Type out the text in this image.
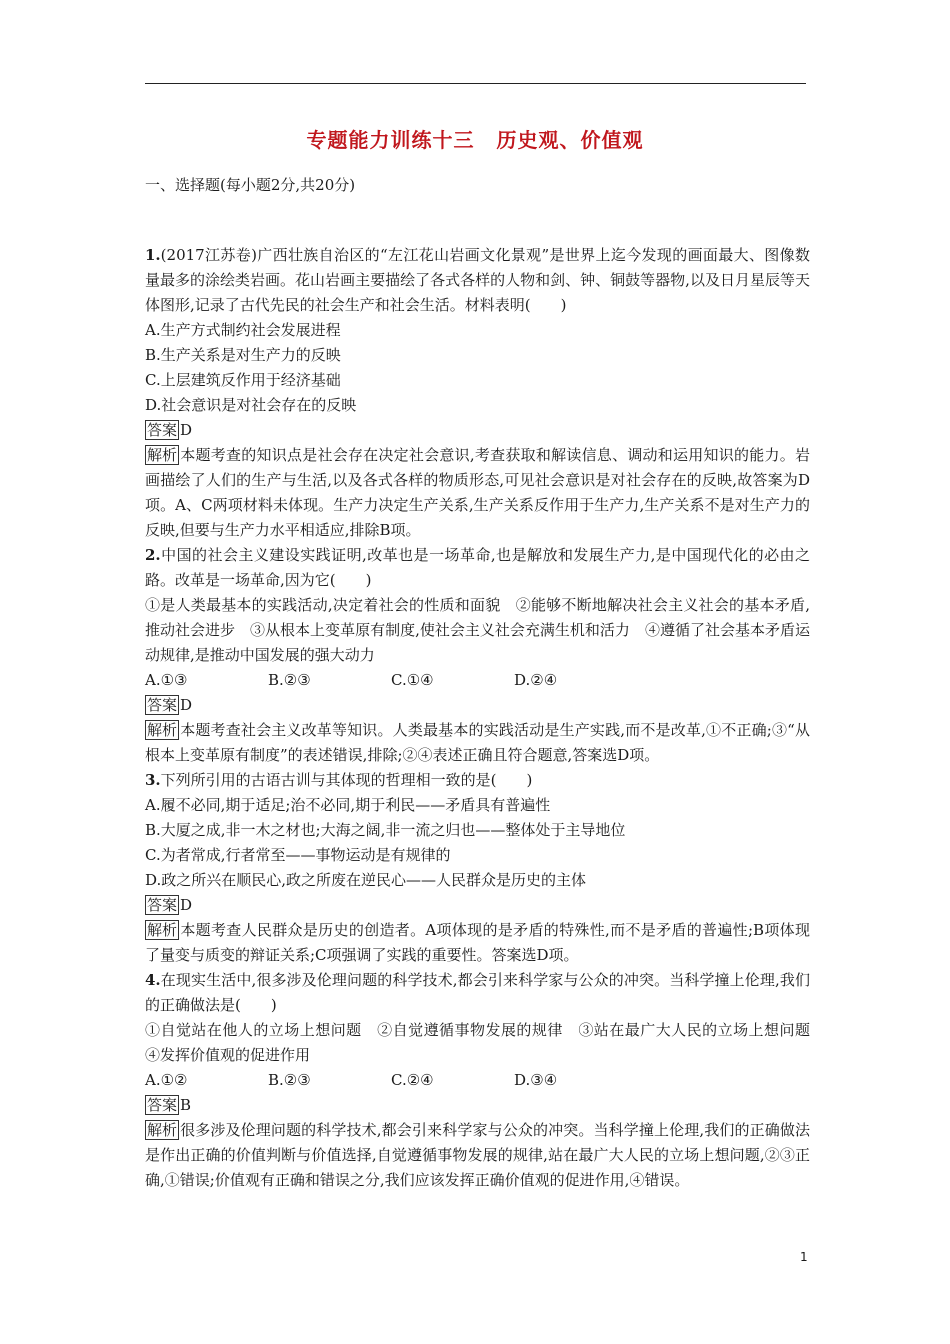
专题能力训练十三 历史观、价值观
一、选择题(每小题2分,共20分)

1.(2017江苏卷)广西壮族自治区的“左江花山岩画文化景观”是世界上迄今发现的画面最大、图像数量最多的涂绘类岩画。花山岩画主要描绘了各式各样的人物和剑、钟、铜鼓等器物,以及日月星辰等天体图形,记录了古代先民的社会生产和社会生活。材料表明(　　)

A.生产方式制约社会发展进程

B.生产关系是对生产力的反映

C.上层建筑反作用于经济基础

D.社会意识是对社会存在的反映

答案 D

解析 本题考查的知识点是社会存在决定社会意识,考查获取和解读信息、调动和运用知识的能力。岩画描绘了人们的生产与生活,以及各式各样的物质形态,可见社会意识是对社会存在的反映,故答案为D项。A、C两项材料未体现。生产力决定生产关系,生产关系反作用于生产力,生产关系不是对生产力的反映,但要与生产力水平相适应,排除B项。

2.中国的社会主义建设实践证明,改革也是一场革命,也是解放和发展生产力,是中国现代化的必由之路。改革是一场革命,因为它(　　)

①是人类最基本的实践活动,决定着社会的性质和面貌　②能够不断地解决社会主义社会的基本矛盾,推动社会进步　③从根本上变革原有制度,使社会主义社会充满生机和活力　④遵循了社会基本矛盾运动规律,是推动中国发展的强大动力

A.①③	B.②③	C.①④	D.②④

答案 D

解析 本题考查社会主义改革等知识。人类最基本的实践活动是生产实践,而不是改革,①不正确;③“从根本上变革原有制度”的表述错误,排除;②④表述正确且符合题意,答案选D项。

3.下列所引用的古语古训与其体现的哲理相一致的是(　　)

A.履不必同,期于适足;治不必同,期于利民——矛盾具有普遍性

B.大厦之成,非一木之材也;大海之阔,非一流之归也——整体处于主导地位

C.为者常成,行者常至——事物运动是有规律的

D.政之所兴在顺民心,政之所废在逆民心——人民群众是历史的主体

答案 D

解析 本题考查人民群众是历史的创造者。A项体现的是矛盾的特殊性,而不是矛盾的普遍性;B项体现了量变与质变的辩证关系;C项强调了实践的重要性。答案选D项。

4.在现实生活中,很多涉及伦理问题的科学技术,都会引来科学家与公众的冲突。当科学撞上伦理,我们的正确做法是(　　)

①自觉站在他人的立场上想问题　②自觉遵循事物发展的规律　③站在最广大人民的立场上想问题　④发挥价值观的促进作用

A.①②	B.②③	C.②④	D.③④

答案 B

解析 很多涉及伦理问题的科学技术,都会引来科学家与公众的冲突。当科学撞上伦理,我们的正确做法是作出正确的价值判断与价值选择,自觉遵循事物发展的规律,站在最广大人民的立场上想问题,②③正确,①错误;价值观有正确和错误之分,我们应该发挥正确价值观的促进作用,④错误。

1
